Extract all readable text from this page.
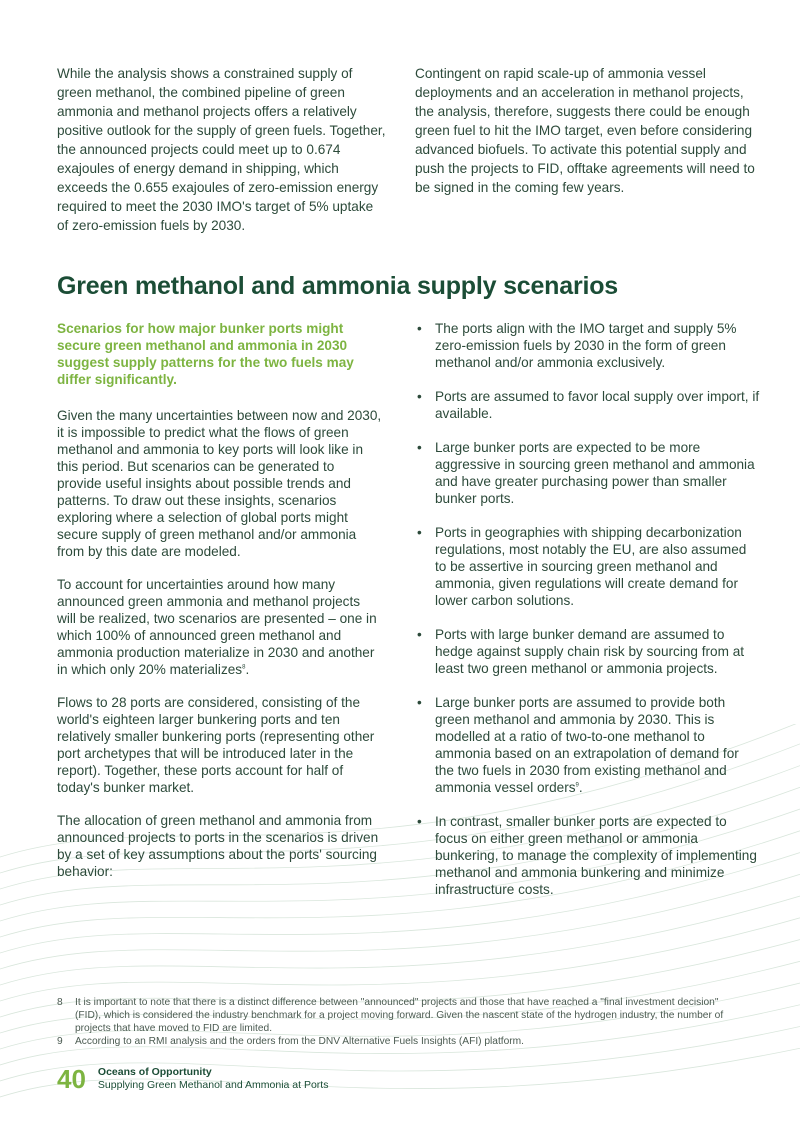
While the analysis shows a constrained supply of green methanol, the combined pipeline of green ammonia and methanol projects offers a relatively positive outlook for the supply of green fuels. Together, the announced projects could meet up to 0.674 exajoules of energy demand in shipping, which exceeds the 0.655 exajoules of zero-emission energy required to meet the 2030 IMO's target of 5% uptake of zero-emission fuels by 2030.

Contingent on rapid scale-up of ammonia vessel deployments and an acceleration in methanol projects, the analysis, therefore, suggests there could be enough green fuel to hit the IMO target, even before considering advanced biofuels. To activate this potential supply and push the projects to FID, offtake agreements will need to be signed in the coming few years.

Green methanol and ammonia supply scenarios

Scenarios for how major bunker ports might secure green methanol and ammonia in 2030 suggest supply patterns for the two fuels may differ significantly.

Given the many uncertainties between now and 2030, it is impossible to predict what the flows of green methanol and ammonia to key ports will look like in this period. But scenarios can be generated to provide useful insights about possible trends and patterns. To draw out these insights, scenarios exploring where a selection of global ports might secure supply of green methanol and/or ammonia from by this date are modeled.

To account for uncertainties around how many announced green ammonia and methanol projects will be realized, two scenarios are presented – one in which 100% of announced green methanol and ammonia production materialize in 2030 and another in which only 20% materializes$^8$.

Flows to 28 ports are considered, consisting of the world's eighteen larger bunkering ports and ten relatively smaller bunkering ports (representing other port archetypes that will be introduced later in the report). Together, these ports account for half of today's bunker market.

The allocation of green methanol and ammonia from announced projects to ports in the scenarios is driven by a set of key assumptions about the ports' sourcing behavior:

• The ports align with the IMO target and supply 5% zero-emission fuels by 2030 in the form of green methanol and/or ammonia exclusively.
• Ports are assumed to favor local supply over import, if available.
• Large bunker ports are expected to be more aggressive in sourcing green methanol and ammonia and have greater purchasing power than smaller bunker ports.
• Ports in geographies with shipping decarbonization regulations, most notably the EU, are also assumed to be assertive in sourcing green methanol and ammonia, given regulations will create demand for lower carbon solutions.
• Ports with large bunker demand are assumed to hedge against supply chain risk by sourcing from at least two green methanol or ammonia projects.
• Large bunker ports are assumed to provide both green methanol and ammonia by 2030. This is modelled at a ratio of two-to-one methanol to ammonia based on an extrapolation of demand for the two fuels in 2030 from existing methanol and ammonia vessel orders$^9$.
• In contrast, smaller bunker ports are expected to focus on either green methanol or ammonia bunkering, to manage the complexity of implementing methanol and ammonia bunkering and minimize infrastructure costs.
8	It is important to note that there is a distinct difference between "announced" projects and those that have reached a "final investment decision" (FID), which is considered the industry benchmark for a project moving forward. Given the nascent state of the hydrogen industry, the number of projects that have moved to FID are limited.
9	According to an RMI analysis and the orders from the DNV Alternative Fuels Insights (AFI) platform.
40 Oceans of Opportunity
Supplying Green Methanol and Ammonia at Ports
